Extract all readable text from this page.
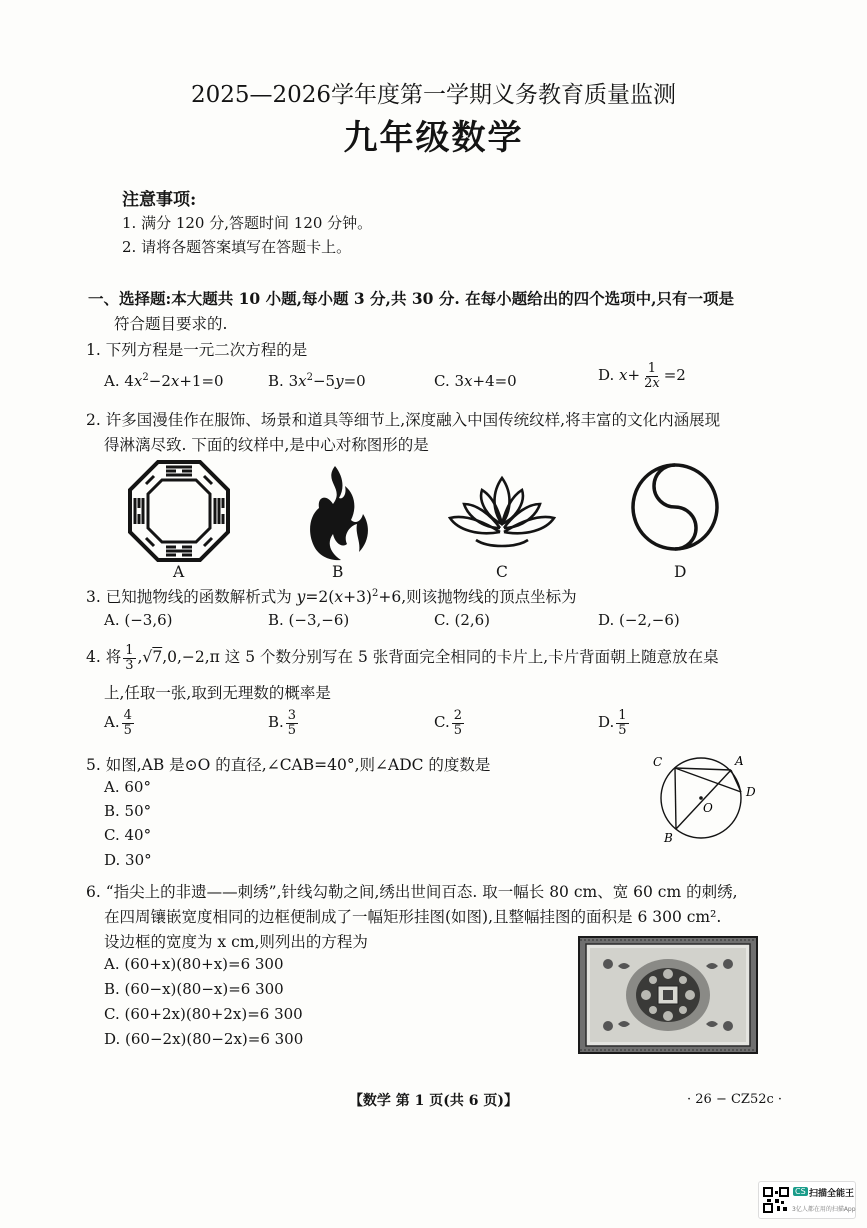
2025—2026学年度第一学期义务教育质量监测
九年级数学
注意事项:
1. 满分 120 分,答题时间 120 分钟。
2. 请将各题答案填写在答题卡上。
一、选择题:本大题共 10 小题,每小题 3 分,共 30 分. 在每小题给出的四个选项中,只有一项是
符合题目要求的.
1. 下列方程是一元二次方程的是
A. $4x^2-2x+1=0$	B. $3x^2-5y=0$	C. 3x+4=0	D. $x+ \frac{1}{2x} =2$
2. 许多国漫佳作在服饰、场景和道具等细节上,深度融入中国传统纹样,将丰富的文化内涵展现
得淋漓尽致. 下面的纹样中,是中心对称图形的是
A	B	C	D
3. 已知抛物线的函数解析式为 $y=2(x+3)^2+6$,则该抛物线的顶点坐标为
A. (−3,6)	B. (−3,−6)	C. (2,6)	D. (−2,−6)
4. 将 $\frac{1}{3} ,√7,0,-2,\pi$ 这 5 个数分别写在 5 张背面完全相同的卡片上,卡片背面朝上随意放在桌
上,任取一张,取到无理数的概率是
A. $\frac{4}{5}$	B. $\frac{3}{5}$	C. $\frac{2}{5}$	D. $\frac{1}{5}$
5. 如图,AB 是⊙O 的直径,∠CAB=40°,则∠ADC 的度数是
A. 60°
B. 50°
C. 40°
D. 30°
C	A
D
O
B
6. “指尖上的非遗——刺绣”,针线勾勒之间,绣出世间百态. 取一幅长 80 cm、宽 60 cm 的刺绣,
在四周镶嵌宽度相同的边框便制成了一幅矩形挂图(如图),且整幅挂图的面积是 6 300 cm².
设边框的宽度为 x cm,则列出的方程为
A. (60+x)(80+x)=6 300
B. (60−x)(80−x)=6 300
C. (60+2x)(80+2x)=6 300
D. (60−2x)(80−2x)=6 300
【数学 第 1 页(共 6 页)】	· 26 − CZ52c ·
CS 扫描全能王
3亿人都在用的扫描App
